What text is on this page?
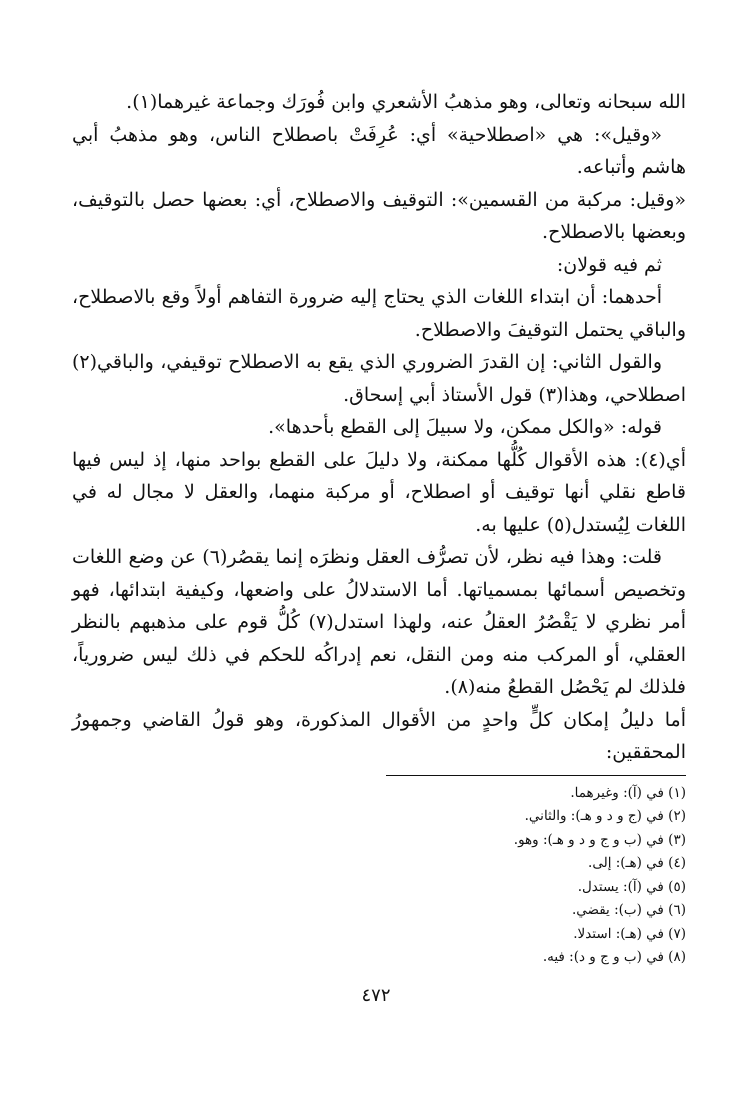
الله سبحانه وتعالى، وهو مذهبُ الأشعري وابن فُورَك وجماعة غيرهما(١).

«وقيل»: هي «اصطلاحية» أي: عُرِفَتْ باصطلاح الناس، وهو مذهبُ أبي هاشم وأتباعه.

«وقيل: مركبة من القسمين»: التوقيف والاصطلاح، أي: بعضها حصل بالتوقيف، وبعضها بالاصطلاح.

ثم فيه قولان:

أحدهما: أن ابتداء اللغات الذي يحتاج إليه ضرورة التفاهم أولاً وقع بالاصطلاح، والباقي يحتمل التوقيفَ والاصطلاح.

والقول الثاني: إن القدرَ الضروري الذي يقع به الاصطلاح توقيفي، والباقي(٢) اصطلاحي، وهذا(٣) قول الأستاذ أبي إسحاق.

قوله: «والكل ممكن، ولا سبيلَ إلى القطع بأحدها».

أي(٤): هذه الأقوال كُلُّها ممكنة، ولا دليلَ على القطع بواحد منها، إذ ليس فيها قاطع نقلي أنها توقيف أو اصطلاح، أو مركبة منهما، والعقل لا مجال له في اللغات لِيُستدل(٥) عليها به.

قلت: وهذا فيه نظر، لأن تصرُّف العقل ونظرَه إنما يقصُر(٦) عن وضع اللغات وتخصيص أسمائها بمسمياتها. أما الاستدلالُ على واضعها، وكيفية ابتدائها، فهو أمر نظري لا يَقْصُرُ العقلُ عنه، ولهذا استدل(٧) كُلُّ قوم على مذهبهم بالنظر العقلي، أو المركب منه ومن النقل، نعم إدراكُه للحكم في ذلك ليس ضرورياً، فلذلك لم يَحْصُل القطعُ منه(٨).

أما دليلُ إمكان كلٍّ واحدٍ من الأقوال المذكورة، وهو قولُ القاضي وجمهورُ المحققين:

(١) في (آ): وغيرهما.

(٢) في (ج و د و هـ): والثاني.

(٣) في (ب و ج و د و هـ): وهو.

(٤) في (هـ): إلى.

(٥) في (آ): يستدل.

(٦) في (ب): يقضي.

(٧) في (هـ): استدلا.

(٨) في (ب و ج و د): فيه.

٤٧٢
